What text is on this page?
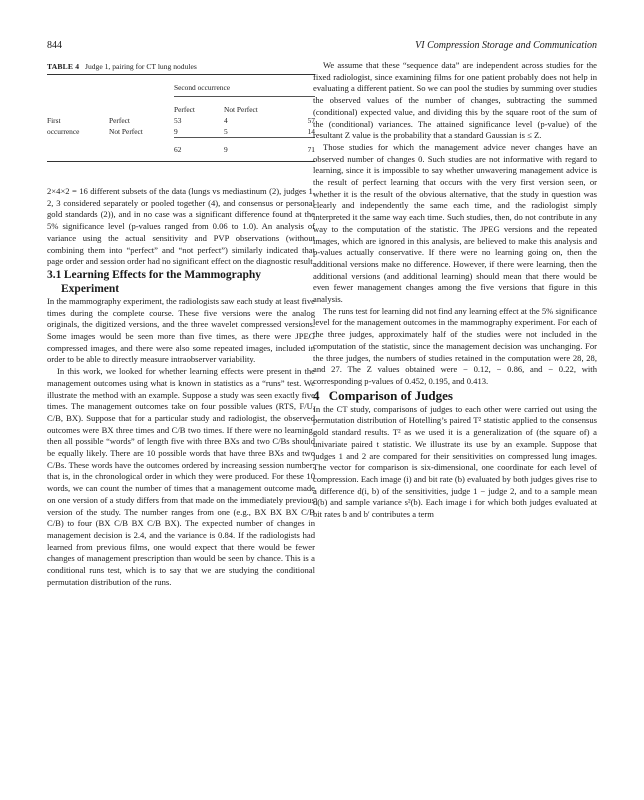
844	VI Compression Storage and Communication
TABLE 4 Judge 1, pairing for CT lung nodules
		Second occurrence		

		Perfect	Not Perfect	
First	Perfect	53	4	57
occurrence	Not Perfect	9	5	14

		62	9	71

2×4×2 = 16 different subsets of the data (lungs vs mediastinum (2), judges 1, 2, 3 considered separately or pooled together (4), and consensus or personal gold standards (2)), and in no case was a significant difference found at the 5% significance level (p-values ranged from 0.06 to 1.0). An analysis of variance using the actual sensitivity and PVP observations (without combining them into “perfect” and “not perfect”) similarly indicated that page order and session order had no significant effect on the diagnostic result.

3.1 Learning Effects for the Mammography
Experiment

In the mammography experiment, the radiologists saw each study at least five times during the complete course. These five versions were the analog originals, the digitized versions, and the three wavelet compressed versions. Some images would be seen more than five times, as there were JPEG compressed images, and there were also some repeated images, included in order to be able to directly measure intraobserver variability.

In this work, we looked for whether learning effects were present in the management outcomes using what is known in statistics as a “runs” test. We illustrate the method with an example. Suppose a study was seen exactly five times. The management outcomes take on four possible values (RTS, F/U, C/B, BX). Suppose that for a particular study and radiologist, the observed outcomes were BX three times and C/B two times. If there were no learning, then all possible “words” of length five with three BXs and two C/Bs should be equally likely. There are 10 possible words that have three BXs and two C/Bs. These words have the outcomes ordered by increasing session number; that is, in the chronological order in which they were produced. For these 10 words, we can count the number of times that a management outcome made on one version of a study differs from that made on the immediately previous version of the study. The number ranges from one (e.g., BX BX BX C/B C/B) to four (BX C/B BX C/B BX). The expected number of changes in management decision is 2.4, and the variance is 0.84. If the radiologists had learned from previous films, one would expect that there would be fewer changes of management prescription than would be seen by chance. This is a conditional runs test, which is to say that we are studying the conditional permutation distribution of the runs.

We assume that these “sequence data” are independent across studies for the fixed radiologist, since examining films for one patient probably does not help in evaluating a different patient. So we can pool the studies by summing over studies the observed values of the number of changes, subtracting the summed (conditional) expected value, and dividing this by the square root of the sum of the (conditional) variances. The attained significance level (p-value) of the resultant Z value is the probability that a standard Gaussian is ≤ Z.

Those studies for which the management advice never changes have an observed number of changes 0. Such studies are not informative with regard to learning, since it is impossible to say whether unwavering management advice is the result of perfect learning that occurs with the very first version seen, or whether it is the result of the obvious alternative, that the study in question was clearly and independently the same each time, and the radiologist simply interpreted it the same way each time. Such studies, then, do not contribute in any way to the computation of the statistic. The JPEG versions and the repeated images, which are ignored in this analysis, are believed to make this analysis and p-values actually conservative. If there were no learning going on, then the additional versions make no difference. However, if there were learning, then the additional versions (and additional learning) should mean that there would be even fewer management changes among the five versions that figure in this analysis.

The runs test for learning did not find any learning effect at the 5% significance level for the management outcomes in the mammography experiment. For each of the three judges, approximately half of the studies were not included in the computation of the statistic, since the management decision was unchanging. For the three judges, the numbers of studies retained in the computation were 28, 28, and 27. The Z values obtained were − 0.12, − 0.86, and − 0.22, with corresponding p-values of 0.452, 0.195, and 0.413.

4 Comparison of Judges

In the CT study, comparisons of judges to each other were carried out using the permutation distribution of Hotelling’s paired T² statistic applied to the consensus gold standard results. T² as we used it is a generalization of (the square of) a univariate paired t statistic. We illustrate its use by an example. Suppose that judges 1 and 2 are compared for their sensitivities on compressed lung images. The vector for comparison is six-dimensional, one coordinate for each level of compression. Each image (i) and bit rate (b) evaluated by both judges gives rise to a difference d(i, b) of the sensitivities, judge 1 − judge 2, and to a sample mean d̄(b) and sample variance s²(b). Each image i for which both judges evaluated at bit rates b and b′ contributes a term
